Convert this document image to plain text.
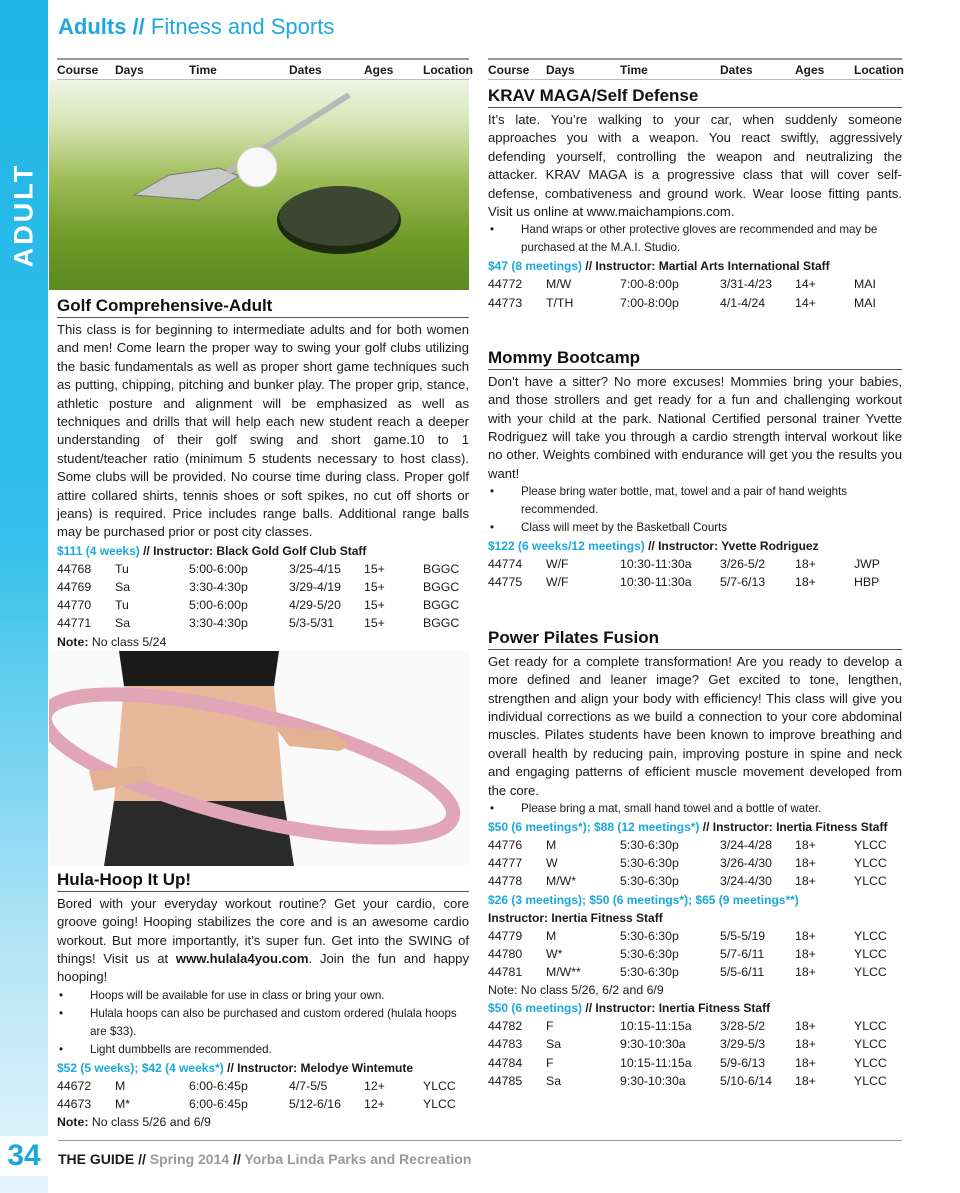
ADULT
34
Adults // Fitness and Sports
Course	Days	Time	Dates	Ages	Location
Golf Comprehensive-Adult

This class is for beginning to intermediate adults and for both women and men! Come learn the proper way to swing your golf clubs utilizing the basic fundamentals as well as proper short game techniques such as putting, chipping, pitching and bunker play. The proper grip, stance, athletic posture and alignment will be emphasized as well as techniques and drills that will help each new student reach a deeper understanding of their golf swing and short game.10 to 1 student/teacher ratio (minimum 5 students necessary to host class). Some clubs will be provided. No course time during class. Proper golf attire collared shirts, tennis shoes or soft spikes, no cut off shorts or jeans) is required. Price includes range balls. Additional range balls may be purchased prior or post city classes.

$111 (4 weeks) // Instructor: Black Gold Golf Club Staff
44768	Tu	5:00-6:00p	3/25-4/15	15+	BGGC
44769	Sa	3:30-4:30p	3/29-4/19	15+	BGGC
44770	Tu	5:00-6:00p	4/29-5/20	15+	BGGC
44771	Sa	3:30-4:30p	5/3-5/31	15+	BGGC
Note: No class 5/24
Hula-Hoop It Up!

Bored with your everyday workout routine? Get your cardio, core groove going! Hooping stabilizes the core and is an awesome cardio workout. But more importantly, it’s super fun. Get into the SWING of things! Visit us at www.hulala4you.com. Join the fun and happy hooping!

• Hoops will be available for use in class or bring your own.
• Hulala hoops can also be purchased and custom ordered (hulala hoops are $33).
• Light dumbbells are recommended.
$52 (5 weeks); $42 (4 weeks*) // Instructor: Melodye Wintemute
44672	M	6:00-6:45p	4/7-5/5	12+	YLCC
44673	M*	6:00-6:45p	5/12-6/16	12+	YLCC
Note: No class 5/26 and 6/9
Course	Days	Time	Dates	Ages	Location
KRAV MAGA/Self Defense

It’s late. You’re walking to your car, when suddenly someone approaches you with a weapon. You react swiftly, aggressively defending yourself, controlling the weapon and neutralizing the attacker. KRAV MAGA is a progressive class that will cover self-defense, combativeness and ground work. Wear loose fitting pants. Visit us online at www.maichampions.com.

• Hand wraps or other protective gloves are recommended and may be purchased at the M.A.I. Studio.
$47 (8 meetings) // Instructor: Martial Arts International Staff
44772	M/W	7:00-8:00p	3/31-4/23	14+	MAI
44773	T/TH	7:00-8:00p	4/1-4/24	14+	MAI
Mommy Bootcamp

Don’t have a sitter? No more excuses! Mommies bring your babies, and those strollers and get ready for a fun and challenging workout with your child at the park. National Certified personal trainer Yvette Rodriguez will take you through a cardio strength interval workout like no other. Weights combined with endurance will get you the results you want!

• Please bring water bottle, mat, towel and a pair of hand weights recommended.
• Class will meet by the Basketball Courts
$122 (6 weeks/12 meetings) // Instructor: Yvette Rodriguez
44774	W/F	10:30-11:30a	3/26-5/2	18+	JWP
44775	W/F	10:30-11:30a	5/7-6/13	18+	HBP
Power Pilates Fusion

Get ready for a complete transformation! Are you ready to develop a more defined and leaner image? Get excited to tone, lengthen, strengthen and align your body with efficiency! This class will give you individual corrections as we build a connection to your core abdominal muscles. Pilates students have been known to improve breathing and overall health by reducing pain, improving posture in spine and neck and engaging patterns of efficient muscle movement developed from the core.

• Please bring a mat, small hand towel and a bottle of water.
$50 (6 meetings*); $88 (12 meetings*) // Instructor: Inertia Fitness Staff
44776	M	5:30-6:30p	3/24-4/28	18+	YLCC
44777	W	5:30-6:30p	3/26-4/30	18+	YLCC
44778	M/W*	5:30-6:30p	3/24-4/30	18+	YLCC
$26 (3 meetings); $50 (6 meetings*); $65 (9 meetings**)
Instructor: Inertia Fitness Staff
44779	M	5:30-6:30p	5/5-5/19	18+	YLCC
44780	W*	5:30-6:30p	5/7-6/11	18+	YLCC
44781	M/W**	5:30-6:30p	5/5-6/11	18+	YLCC
Note: No class 5/26, 6/2 and 6/9
$50 (6 meetings) // Instructor: Inertia Fitness Staff
44782	F	10:15-11:15a	3/28-5/2	18+	YLCC
44783	Sa	9:30-10:30a	3/29-5/3	18+	YLCC
44784	F	10:15-11:15a	5/9-6/13	18+	YLCC
44785	Sa	9:30-10:30a	5/10-6/14	18+	YLCC
THE GUIDE // Spring 2014 // Yorba Linda Parks and Recreation
